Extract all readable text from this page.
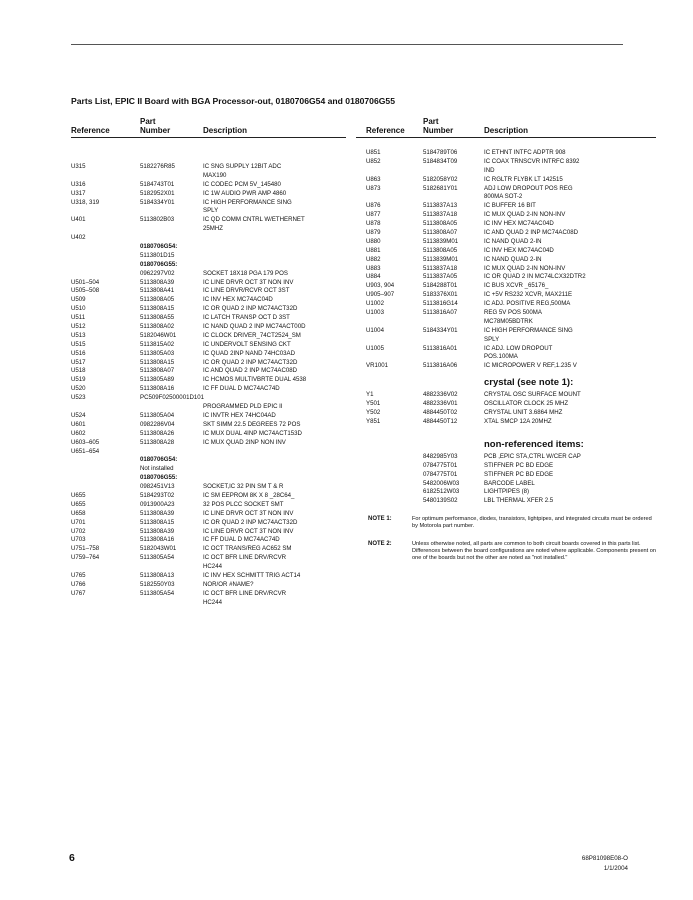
Parts List, EPIC II Board with BGA Processor-out, 0180706G54 and 0180706G55
Reference
Part
Number	Description
U315	5182276R85	IC SNG SUPPLY 12BIT ADC
MAX190
U316	5184743T01	IC CODEC PCM 5V_145480
U317	5182952X01	IC 1W AUDIO PWR AMP 4860
U318, 319	5184334Y01	IC HIGH PERFORMANCE SING
SPLY
U401	5113802B03	IC QD COMM CNTRL W/ETHERNET
25MHZ
U402
0180706G54:
5113801D15
0180706G55:
0962297V02	SOCKET 18X18 PGA 179 POS
U501–504	5113808A39	IC LINE DRVR OCT 3T NON INV
U505–508	5113808A41	IC LINE DRVR/RCVR OCT 3ST
U509	5113808A05	IC INV HEX MC74AC04D
U510	5113808A15	IC OR QUAD 2 INP MC74ACT32D
U511	5113808A55	IC LATCH TRANSP OCT D 3ST
U512	5113808A02	IC NAND QUAD 2 INP MC74ACT00D
U513	5182046W01	IC CLOCK DRIVER_74CT2524_SM
U515	5113815A02	IC UNDERVOLT SENSING CKT
U516	5113805A03	IC QUAD 2INP NAND 74HC03AD
U517	5113808A15	IC OR QUAD 2 INP MC74ACT32D
U518	5113808A07	IC AND QUAD 2 INP MC74AC08D
U519	5113805A89	IC HCMOS MULTIVBRTE DUAL 4538
U520	5113808A16	IC FF DUAL D MC74AC74D
U523	PC509F02500001D101
PROGRAMMED PLD EPIC II
U524	5113805A04	IC INVTR HEX 74HC04AD
U601	0982286V04	SKT SIMM 22.5 DEGREES 72 POS
U602	5113808A26	IC MUX DUAL 4INP MC74ACT153D
U603–605	5113808A28	IC MUX QUAD 2INP NON INV
U651–654
0180706G54:
Not installed
0180706G55:
0982451V13	SOCKET,IC 32 PIN SM T & R
U655	5184293T02	IC SM EEPROM 8K X 8 _28C64_
U655	0913900A23	32 POS PLCC SOCKET SMT
U658	5113808A39	IC LINE DRVR OCT 3T NON INV
U701	5113808A15	IC OR QUAD 2 INP MC74ACT32D
U702	5113808A39	IC LINE DRVR OCT 3T NON INV
U703	5113808A16	IC FF DUAL D MC74AC74D
U751–758	5182043W01	IC OCT TRANS/REG AC652 SM
U759–764	5113805A54	IC OCT BFR LINE DRV/RCVR
HC244
U765	5113808A13	IC INV HEX SCHMITT TRIG ACT14
U766	5182550Y03	NOR/OR #NAME?
U767	5113805A54	IC OCT BFR LINE DRV/RCVR
HC244
Reference
Part
Number	Description
U851	5184789T06	IC ETHNT INTFC ADPTR 908
U852	5184834T09	IC COAX TRNSCVR INTRFC 8392
IND
U863	5182058Y02	IC RGLTR FLYBK LT 142515
U873	5182681Y01	ADJ LOW DROPOUT POS REG
800MA SOT-2
U876	5113837A13	IC BUFFER 16 BIT
U877	5113837A18	IC MUX QUAD 2-IN NON-INV
U878	5113808A05	IC INV HEX MC74AC04D
U879	5113808A07	IC AND QUAD 2 INP MC74AC08D
U880	5113839M01	IC NAND QUAD 2-IN
U881	5113808A05	IC INV HEX MC74AC04D
U882	5113839M01	IC NAND QUAD 2-IN
U883	5113837A18	IC MUX QUAD 2-IN NON-INV
U884	5113837A05	IC OR QUAD 2 IN MC74LCX32DTR2
U903, 904	5184288T01	IC BUS XCVR _65176_
U905–907	5183376X01	IC +5V RS232 XCVR, MAX211E
U1002	5113816G14	IC ADJ. POSITIVE REG,500MA
U1003	5113816A07	REG 5V POS 500MA
MC78M05BDTRK
U1004	5184334Y01	IC HIGH PERFORMANCE SING
SPLY
U1005	5113816A01	IC ADJ. LOW DROPOUT
POS.100MA
VR1001	5113816A06	IC MICROPOWER V REF,1.235 V
crystal (see note 1):
Y1	4882336V02	CRYSTAL OSC SURFACE MOUNT
Y501	4882336V01	OSCILLATOR CLOCK 25 MHZ
Y502	4884450T02	CRYSTAL UNIT 3.6864 MHZ
Y851	4884450T12	XTAL SMCP 12A 20MHZ
non-referenced items:
8482985Y03	PCB ,EPIC STA,CTRL W/CER CAP
0784775T01	STIFFNER PC BD EDGE
0784775T01	STIFFNER PC BD EDGE
5482006W03	BARCODE LABEL
6182512W03	LIGHTPIPES (8)
5480139S02	LBL THERMAL XFER 2.5
NOTE 1:	For optimum performance, diodes, transistors, lightpipes, and integrated circuits must be ordered by Motorola part number.
NOTE 2:	Unless otherwise noted, all parts are common to both circuit boards covered in this parts list. Differences between the board configurations are noted where applicable. Components present on one of the boards but not the other are noted as "not installed."
6	68P81098E08-O
1/1/2004
